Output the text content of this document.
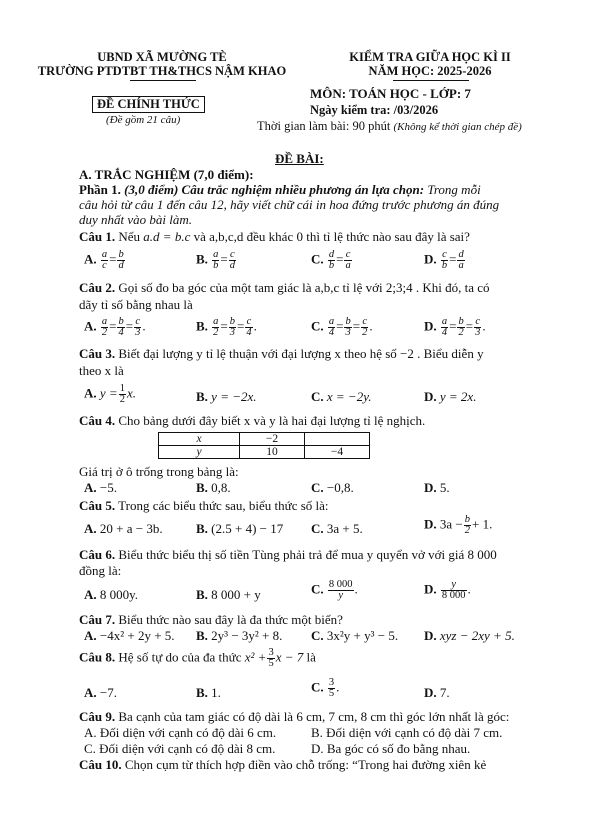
UBND XÃ MƯỜNG TÈ
TRƯỜNG PTDTBT TH&THCS NẬM KHAO
KIỂM TRA GIỮA HỌC KÌ II
NĂM HỌC: 2025-2026
MÔN: TOÁN HỌC - LỚP: 7
ĐỀ CHÍNH THỨC	Ngày kiểm tra: /03/2026
(Đề gồm 21 câu)	Thời gian làm bài: 90 phút (Không kể thời gian chép đề)
ĐỀ BÀI:
A. TRẮC NGHIỆM (7,0 điểm):
Phần 1. (3,0 điểm) Câu trắc nghiệm nhiều phương án lựa chọn: Trong mỗi
câu hỏi từ câu 1 đến câu 12, hãy viết chữ cái in hoa đứng trước phương án đúng
duy nhất vào bài làm.
Câu 1. Nếu a.d = b.c và a,b,c,d đều khác 0 thì tỉ lệ thức nào sau đây là sai?
A. $\frac{a}{c} = \frac{b}{d}$	B. $\frac{a}{b} = \frac{c}{d}$	C. $\frac{d}{b} = \frac{c}{a}$	D. $\frac{c}{b} = \frac{d}{a}$
Câu 2. Gọi số đo ba góc của một tam giác là a,b,c tỉ lệ với 2;3;4 . Khi đó, ta có
dãy tỉ số bằng nhau là
A. $\frac{a}{2} = \frac{b}{4} = \frac{c}{3}$ .	B. $\frac{a}{2} = \frac{b}{3} = \frac{c}{4}$ .	C. $\frac{a}{4} = \frac{b}{3} = \frac{c}{2}$ .	D. $\frac{a}{4} = \frac{b}{2} = \frac{c}{3}$ .
Câu 3. Biết đại lượng y tỉ lệ thuận với đại lượng x theo hệ số −2 . Biểu diễn y
theo x là
A. $y = \frac{1}{2} x$.	B. y = −2x.	C. x = −2y.	D. y = 2x.
Câu 4. Cho bảng dưới đây biết x và y là hai đại lượng tỉ lệ nghịch.
x	−2	
y	10	−4
Giá trị ở ô trống trong bảng là:
A. −5.	B. 0,8.	C. −0,8.	D. 5.
Câu 5. Trong các biểu thức sau, biểu thức số là:
A. 20 + a − 3b.	B. (2.5 + 4) − 17 C. 3a + 5.	D. $3a - \frac{b}{2} + 1$.
Câu 6. Biểu thức biểu thị số tiền Tùng phải trả để mua y quyển vở với giá 8 000
đồng là:
A. 8 000y.	B. 8 000 + y	C. $\frac{8 000}{y}$ .	D. $\frac{y}{8 000}$ .
Câu 7. Biểu thức nào sau đây là đa thức một biến?
A. −4x² + 2y + 5. B. 2y³ − 3y² + 8. C. 3x²y + y³ − 5. D. xyz − 2xy + 5.
Câu 8. Hệ số tự do của đa thức $x^2 + \frac{3}{5}$ x − 7 là
A. −7.	B. 1.	C. $\frac{3}{5}$ .	D. 7.
Câu 9. Ba cạnh của tam giác có độ dài là 6 cm, 7 cm, 8 cm thì góc lớn nhất là góc:
A. Đối diện với cạnh có độ dài 6 cm.	B. Đối diện với cạnh có độ dài 7 cm.
C. Đối diện với cạnh có độ dài 8 cm.	D. Ba góc có số đo bằng nhau.
Câu 10. Chọn cụm từ thích hợp điền vào chỗ trống: “Trong hai đường xiên kẻ
